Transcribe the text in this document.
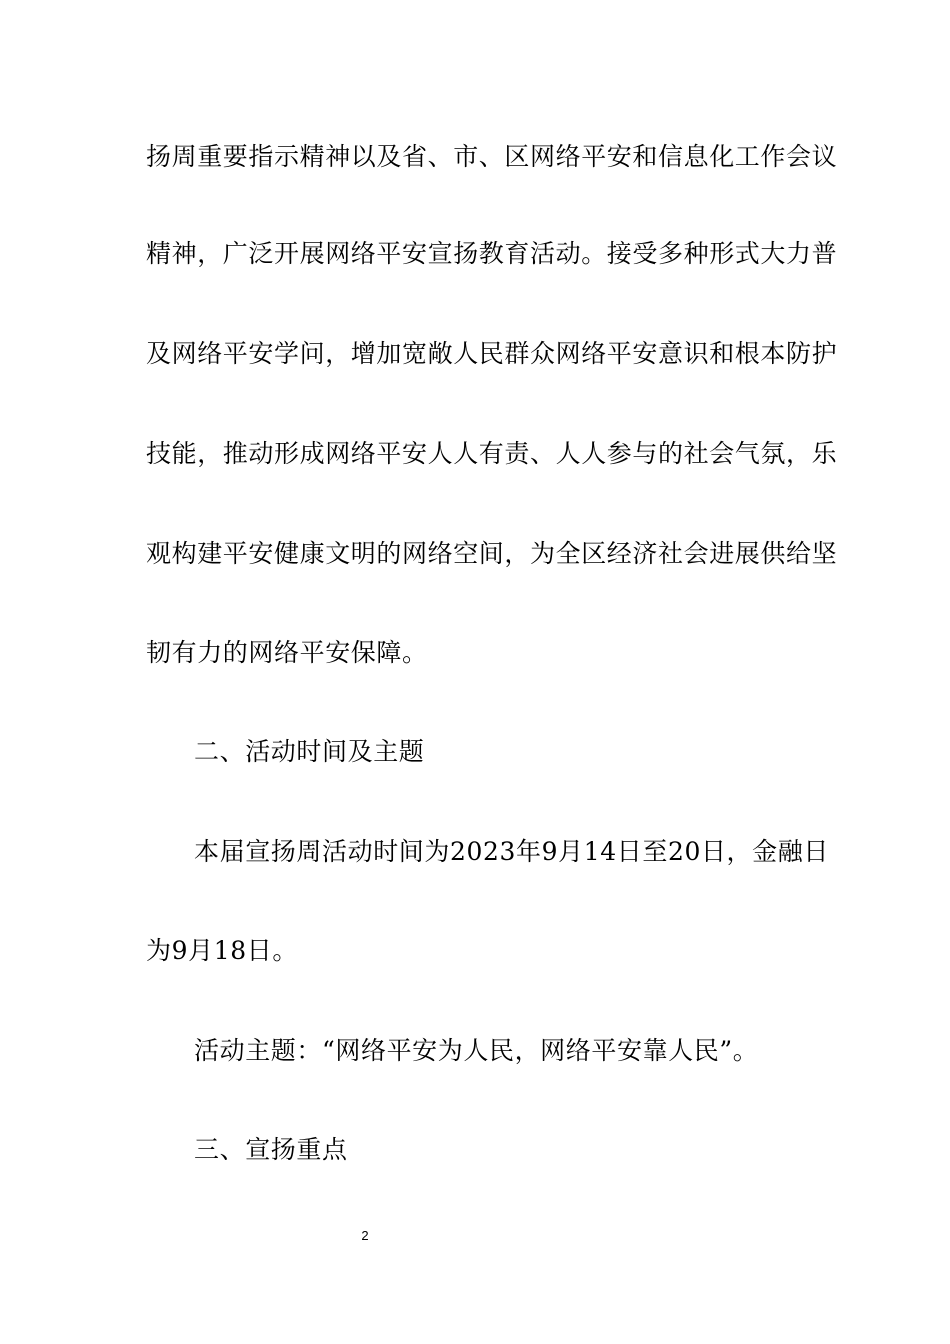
扬周重要指示精神以及省、市、区网络平安和信息化工作会议
精神，广泛开展网络平安宣扬教育活动。接受多种形式大力普
及网络平安学问，增加宽敞人民群众网络平安意识和根本防护
技能，推动形成网络平安人人有责、人人参与的社会气氛，乐
观构建平安健康文明的网络空间，为全区经济社会进展供给坚
韧有力的网络平安保障。
二、活动时间及主题
本届宣扬周活动时间为2023年9月14日至20日，金融日
为9月18日。
活动主题：“网络平安为人民，网络平安靠人民”。
三、宣扬重点
2
